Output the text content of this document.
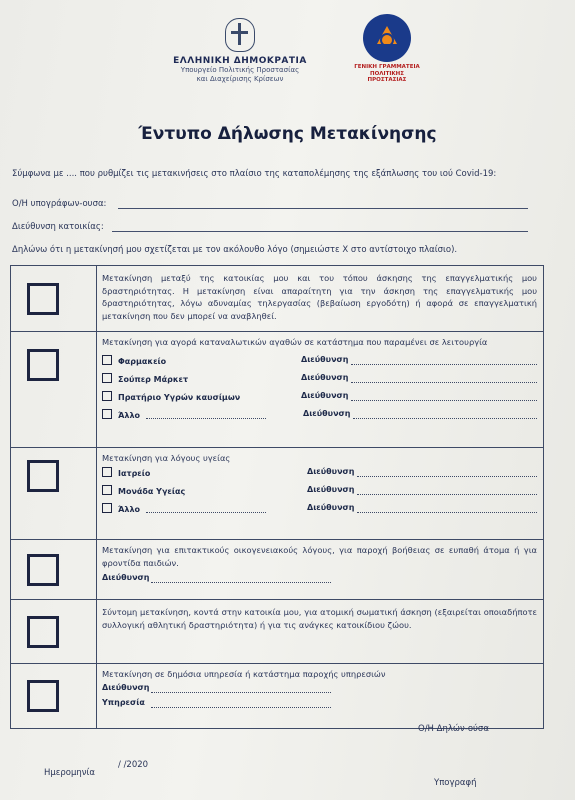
ΕΛΛΗΝΙΚΗ ΔΗΜΟΚΡΑΤΙΑ
Υπουργείο Πολιτικής Προστασίας
και Διαχείρισης Κρίσεων
ΓΕΝΙΚΗ ΓΡΑΜΜΑΤΕΙΑ
ΠΟΛΙΤΙΚΗΣ ΠΡΟΣΤΑΣΙΑΣ
Έντυπο Δήλωσης Μετακίνησης
Σύμφωνα με .... που ρυθμίζει τις μετακινήσεις στο πλαίσιο της καταπολέμησης της εξάπλωσης του ιού Covid-19:
Ο/Η υπογράφων-ουσα:
Διεύθυνση κατοικίας:
Δηλώνω ότι η μετακίνησή μου σχετίζεται με τον ακόλουθο λόγο (σημειώστε Χ στο αντίστοιχο πλαίσιο).
Μετακίνηση μεταξύ της κατοικίας μου και του τόπου άσκησης της επαγγελματικής μου δραστηριότητας. Η μετακίνηση είναι απαραίτητη για την άσκηση της επαγγελματικής μου δραστηριότητας, λόγω αδυναμίας τηλεργασίας (βεβαίωση εργοδότη) ή αφορά σε επαγγελματική μετακίνηση που δεν μπορεί να αναβληθεί.
Μετακίνηση για αγορά καταναλωτικών αγαθών σε κατάστημα που παραμένει σε λειτουργία
Φαρμακείο	Διεύθυνση
Σούπερ Μάρκετ	Διεύθυνση
Πρατήριο Υγρών καυσίμων	Διεύθυνση
Άλλο	Διεύθυνση
Μετακίνηση για λόγους υγείας
Ιατρείο	Διεύθυνση
Μονάδα Υγείας	Διεύθυνση
Άλλο	Διεύθυνση
Μετακίνηση για επιτακτικούς οικογενειακούς λόγους, για παροχή βοήθειας σε ευπαθή άτομα ή για φροντίδα παιδιών.
Διεύθυνση
Σύντομη μετακίνηση, κοντά στην κατοικία μου, για ατομική σωματική άσκηση (εξαιρείται οποιαδήποτε συλλογική αθλητική δραστηριότητα) ή για τις ανάγκες κατοικίδιου ζώου.
Μετακίνηση σε δημόσια υπηρεσία ή κατάστημα παροχής υπηρεσιών
Διεύθυνση
Υπηρεσία
Ο/Η Δηλών-ούσα
Ημερομηνία
/ /2020
Υπογραφή
